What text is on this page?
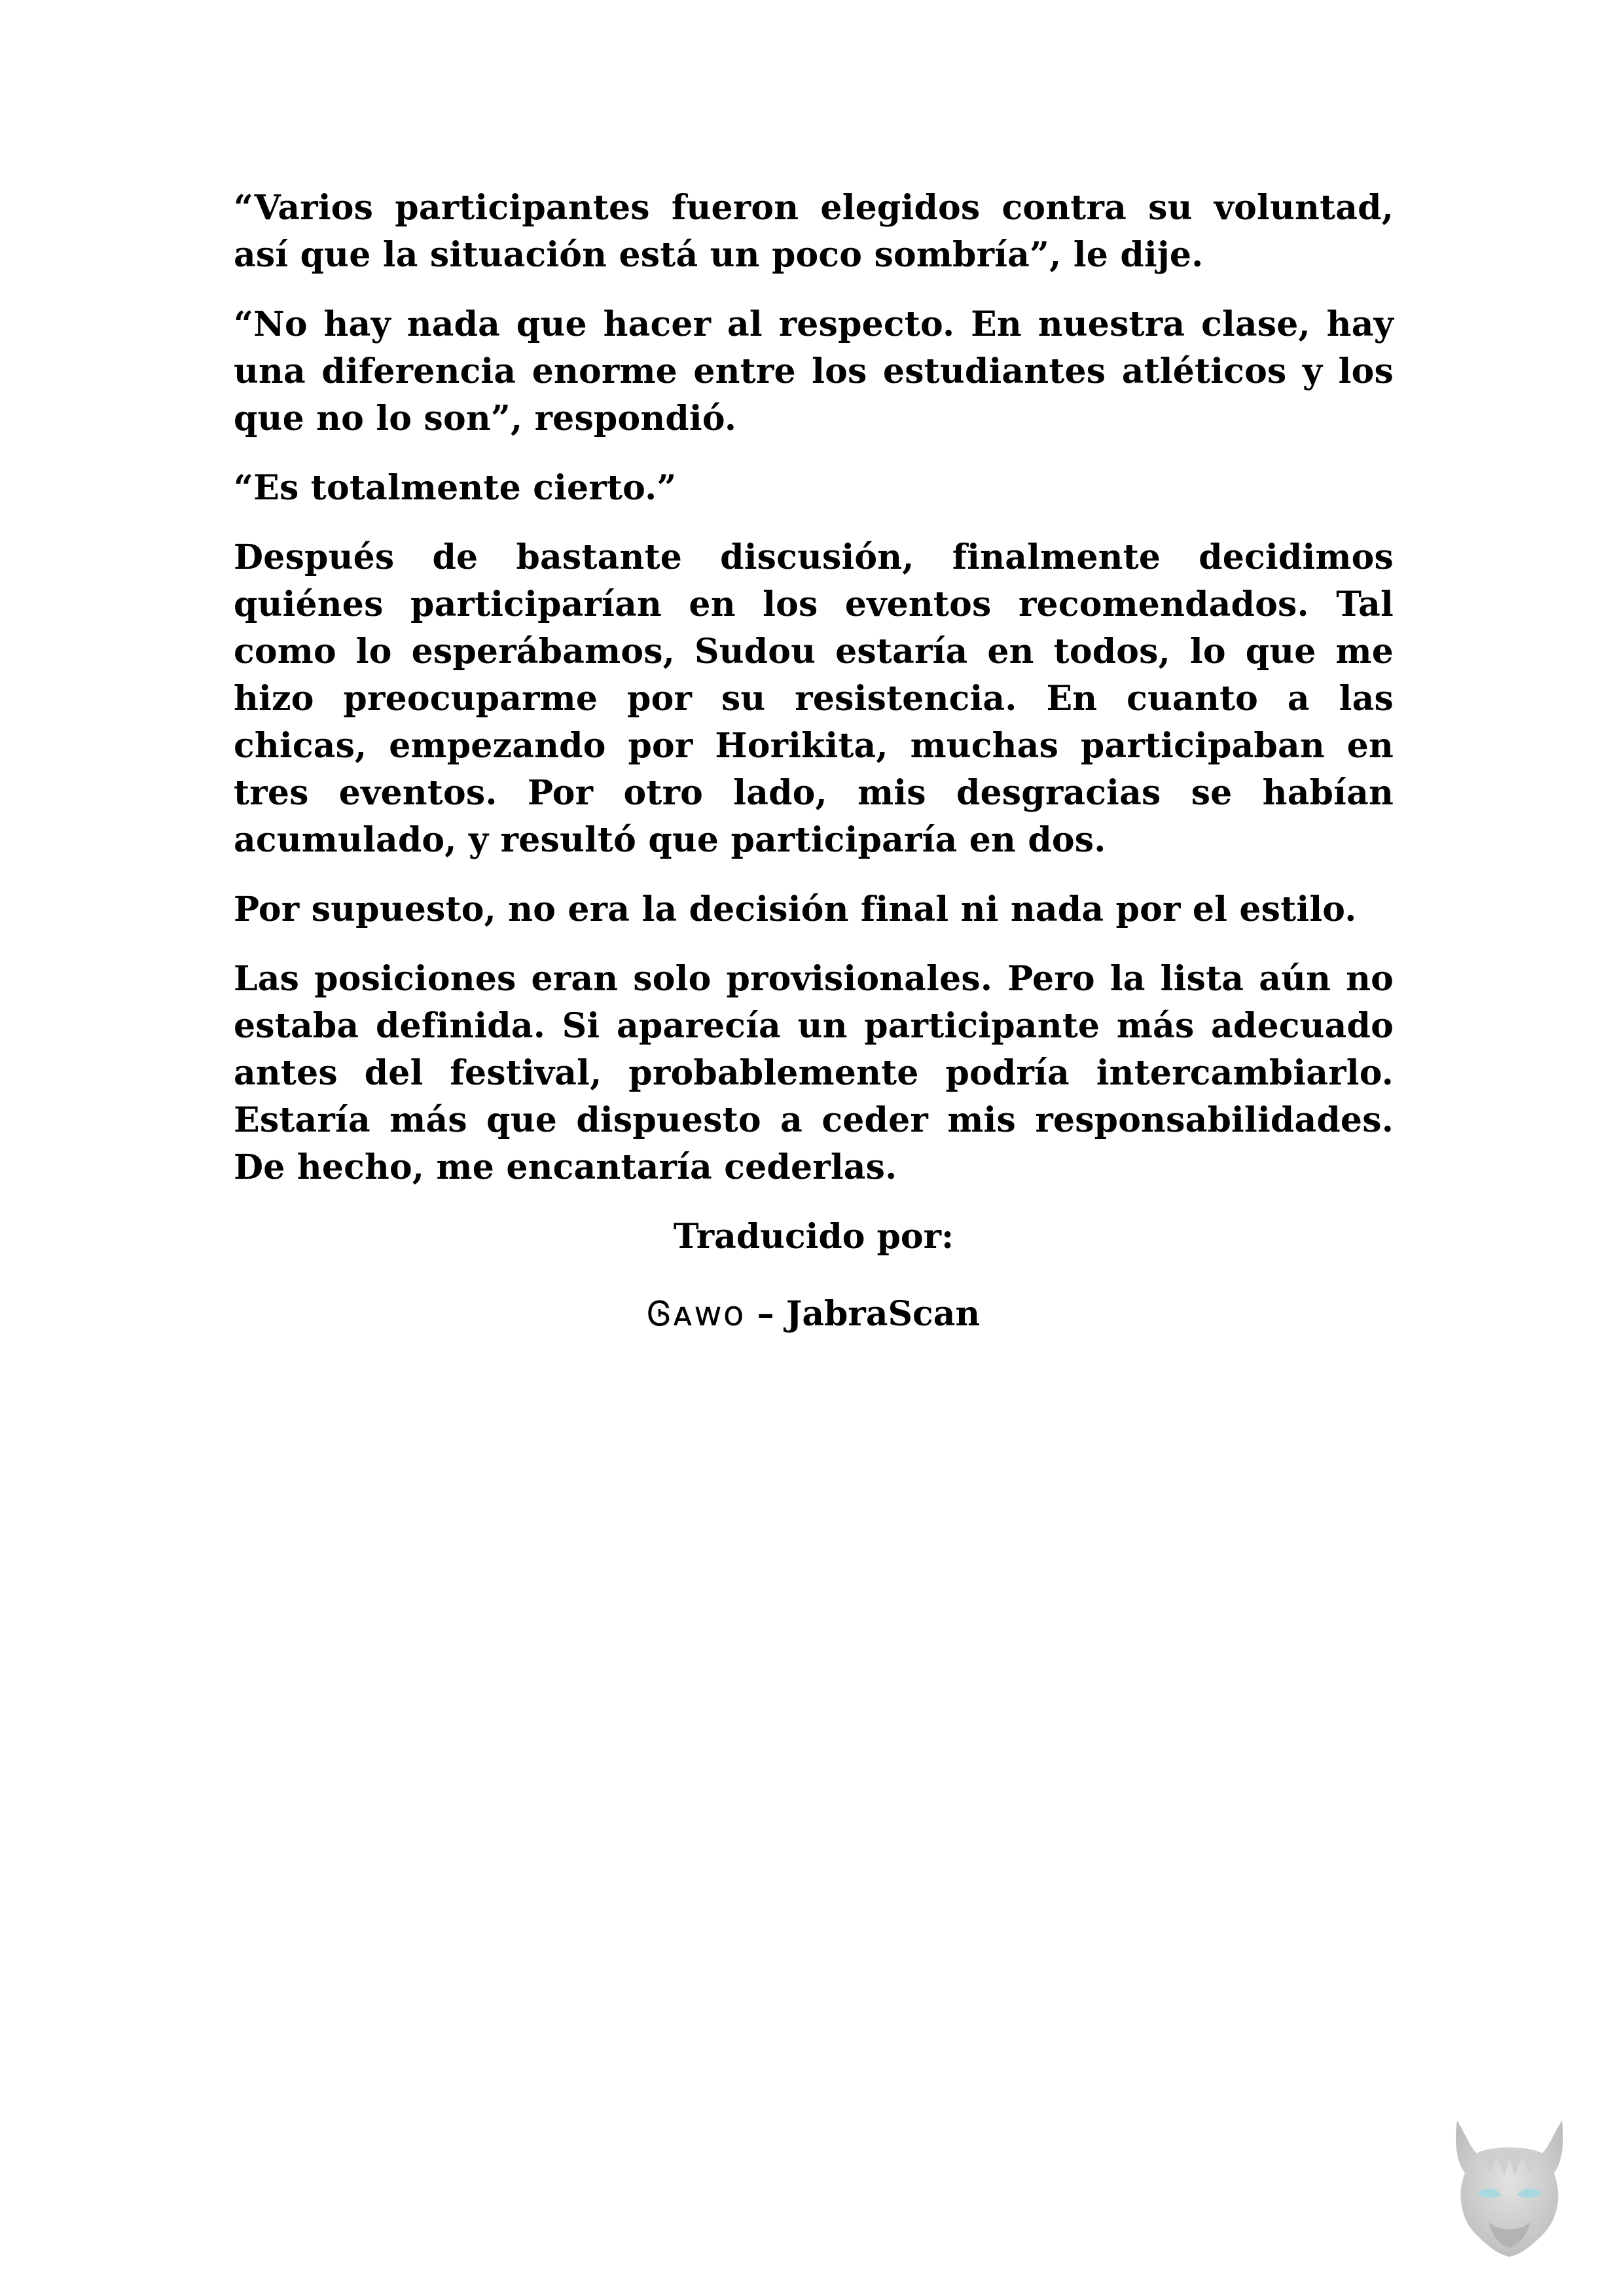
“Varios participantes fueron elegidos contra su voluntad, así que la situación está un poco sombría”, le dije.

“No hay nada que hacer al respecto. En nuestra clase, hay una diferencia enorme entre los estudiantes atléticos y los que no lo son”, respondió.

“Es totalmente cierto.”

Después de bastante discusión, finalmente decidimos quiénes participarían en los eventos recomendados. Tal como lo esperábamos, Sudou estaría en todos, lo que me hizo preocuparme por su resistencia. En cuanto a las chicas, empezando por Horikita, muchas participaban en tres eventos. Por otro lado, mis desgracias se habían acumulado, y resultó que participaría en dos.

Por supuesto, no era la decisión final ni nada por el estilo.

Las posiciones eran solo provisionales. Pero la lista aún no estaba definida. Si aparecía un participante más adecuado antes del festival, probablemente podría intercambiarlo. Estaría más que dispuesto a ceder mis responsabilidades. De hecho, me encantaría cederlas.

Traducido por:

Ꮆᴀᴡᴏ – JabraScan
